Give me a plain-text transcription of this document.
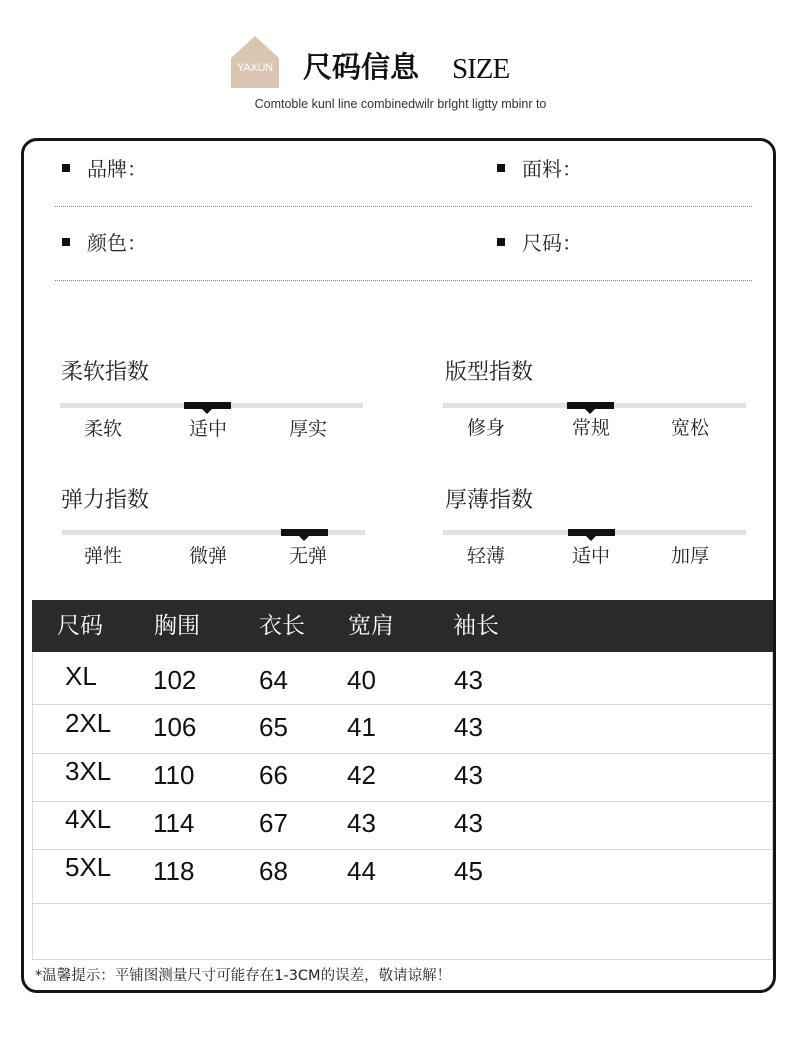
YAXUN 尺码信息 SIZE
Comtoble kunl line combinedwilr brlght ligtty mbinr to
品牌：	面料：
颜色：	尺码：
柔软指数
柔软	适中	厚实
版型指数
修身	常规	宽松
弹力指数
弹性	微弹	无弹
厚薄指数
轻薄	适中	加厚
尺码 胸围	衣长 宽肩	袖长
XL 102 64 40	43
2XL 106 65 41	43
3XL 110 66 42	43
4XL 114 67 43	43
5XL 118 68 44	45
*温馨提示：平铺图测量尺寸可能存在1-3CM的误差，敬请谅解！
